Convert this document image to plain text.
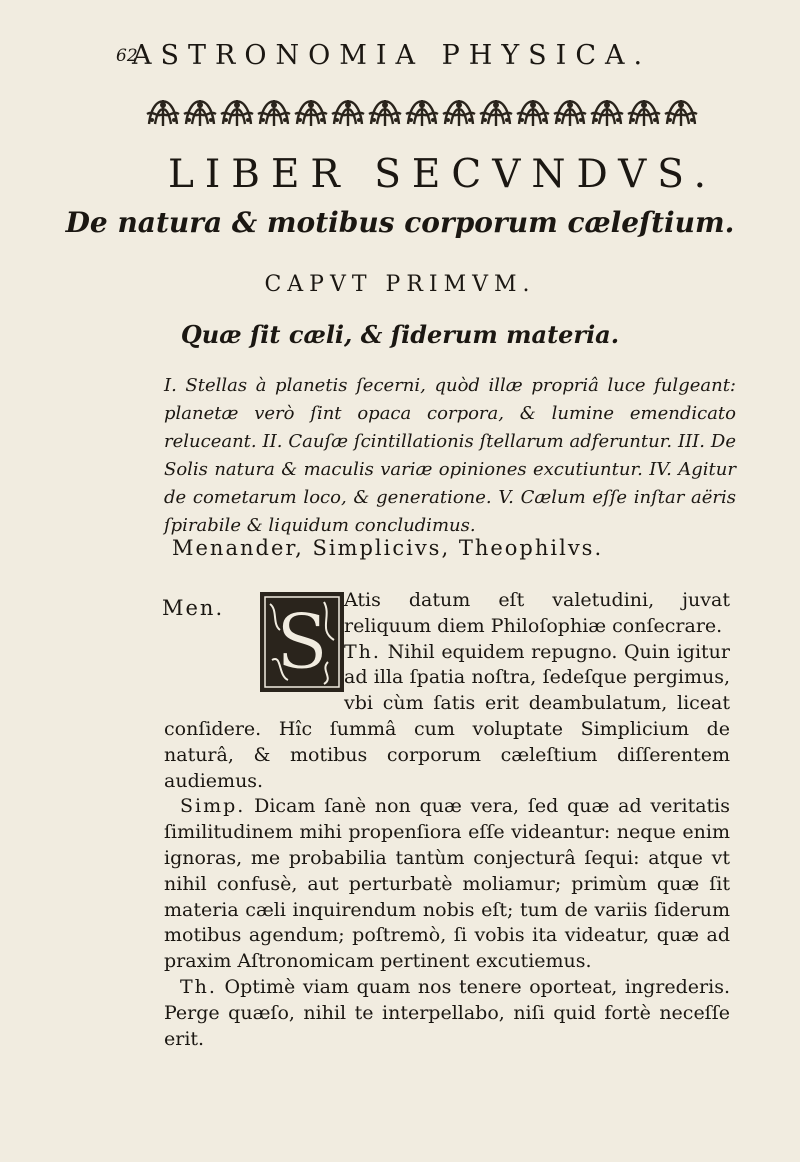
62
ASTRONOMIA PHYSICA.
LIBER SECVNDVS.
De natura & motibus corporum cæleſtium.
CAPVT PRIMVM.
Quæ ſit cæli, & ſiderum materia.
I. Stellas à planetis ſecerni, quòd illæ propriâ luce fulgeant: planetæ verò ſint opaca corpora, & lumine emendicato reluceant. II. Cauſæ ſcintillationis ſtellarum adferuntur. III. De Solis natura & maculis variæ opiniones excutiuntur. IV. Agitur de cometarum loco, & generatione. V. Cælum eſſe inſtar aëris ſpirabile & liquidum concludimus.
Menander, Simplicivs, Theophilvs.

Men. S Atis datum eſt valetudini, juvat reliquum diem Philoſophiæ conſecrare.
Th. Nihil equidem repugno. Quin igitur ad illa ſpatia noſtra, ſedeſque pergimus, vbi cùm ſatis erit deambulatum, liceat conſidere. Hîc ſummâ cum voluptate Simplicium de naturâ, & motibus corporum cæleſtium diſſerentem audiemus.

Simp. Dicam ſanè non quæ vera, ſed quæ ad veritatis ſimilitudinem mihi propenſiora eſſe videantur: neque enim ignoras, me probabilia tantùm conjecturâ ſequi: atque vt nihil confusè, aut perturbatè moliamur; primùm quæ ſit materia cæli inquirendum nobis eſt; tum de variis ſiderum motibus agendum; poſtremò, ſi vobis ita videatur, quæ ad praxim Aſtronomicam pertinent excutiemus.

Th. Optimè viam quam nos tenere oporteat, ingrederis. Perge quæſo, nihil te interpellabo, niſi quid fortè neceſſe erit.
